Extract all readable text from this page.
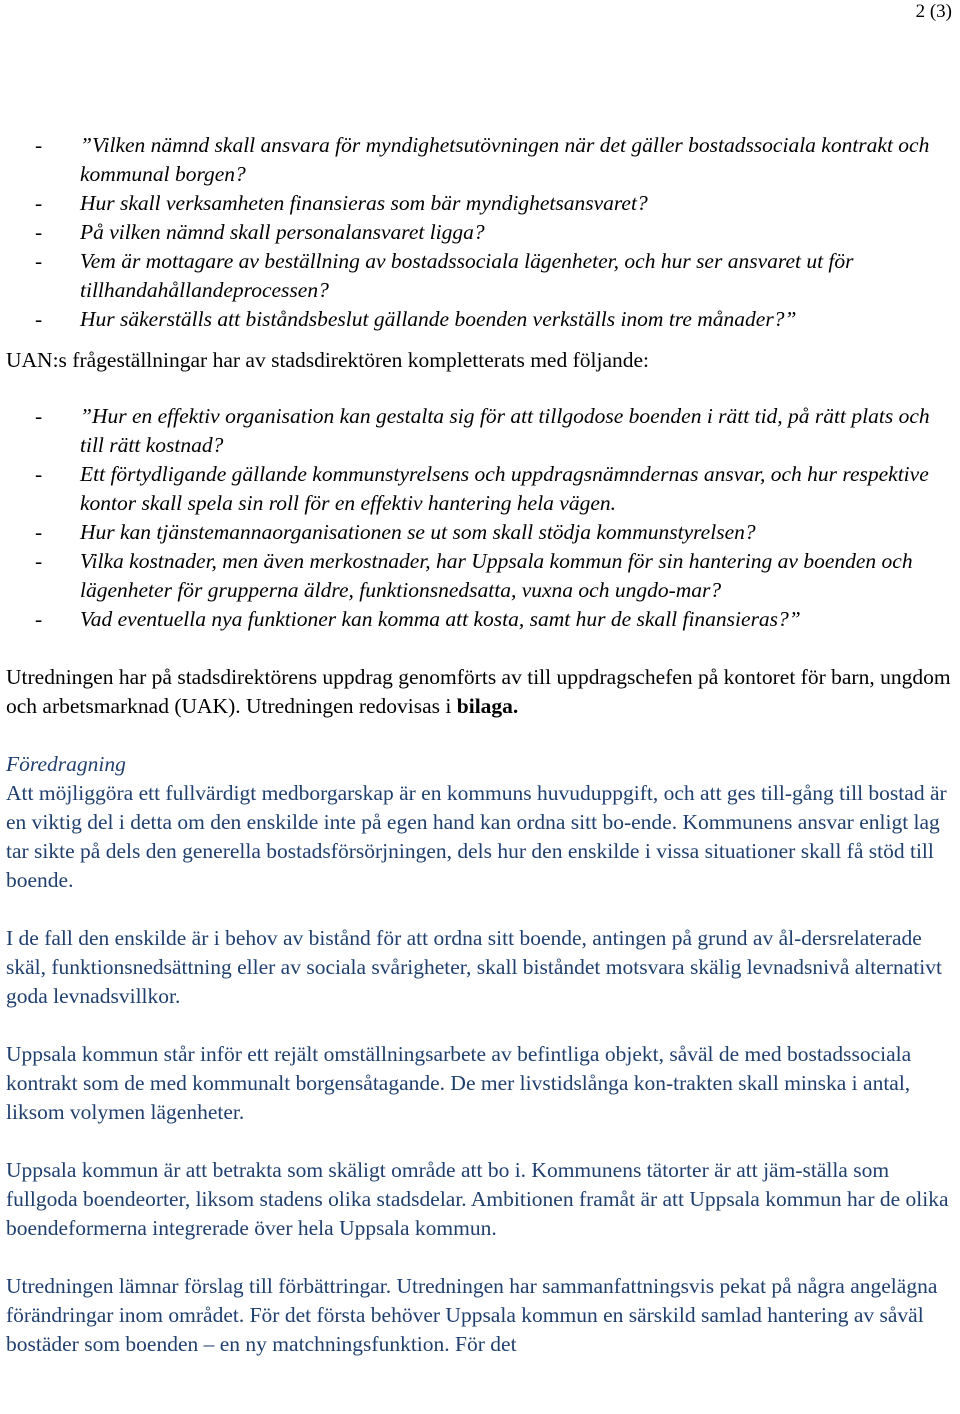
2 (3)
- ”Vilken nämnd skall ansvara för myndighetsutövningen när det gäller bostadssociala kontrakt och kommunal borgen?
- Hur skall verksamheten finansieras som bär myndighetsansvaret?
- På vilken nämnd skall personalansvaret ligga?
- Vem är mottagare av beställning av bostadssociala lägenheter, och hur ser ansvaret ut för tillhandahållandeprocessen?
- Hur säkerställs att biståndsbeslut gällande boenden verkställs inom tre månader?”

UAN:s frågeställningar har av stadsdirektören kompletterats med följande:

- ”Hur en effektiv organisation kan gestalta sig för att tillgodose boenden i rätt tid, på rätt plats och till rätt kostnad?
- Ett förtydligande gällande kommunstyrelsens och uppdragsnämndernas ansvar, och hur respektive kontor skall spela sin roll för en effektiv hantering hela vägen.
- Hur kan tjänstemannaorganisationen se ut som skall stödja kommunstyrelsen?
- Vilka kostnader, men även merkostnader, har Uppsala kommun för sin hantering av boenden och lägenheter för grupperna äldre, funktionsnedsatta, vuxna och ungdo-mar?
- Vad eventuella nya funktioner kan komma att kosta, samt hur de skall finansieras?”

Utredningen har på stadsdirektörens uppdrag genomförts av till uppdragschefen på kontoret för barn, ungdom och arbetsmarknad (UAK). Utredningen redovisas i bilaga.

Föredragning

Att möjliggöra ett fullvärdigt medborgarskap är en kommuns huvuduppgift, och att ges till-gång till bostad är en viktig del i detta om den enskilde inte på egen hand kan ordna sitt bo-ende. Kommunens ansvar enligt lag tar sikte på dels den generella bostadsförsörjningen, dels hur den enskilde i vissa situationer skall få stöd till boende.

I de fall den enskilde är i behov av bistånd för att ordna sitt boende, antingen på grund av ål-dersrelaterade skäl, funktionsnedsättning eller av sociala svårigheter, skall biståndet motsvara skälig levnadsnivå alternativt goda levnadsvillkor.

Uppsala kommun står inför ett rejält omställningsarbete av befintliga objekt, såväl de med bostadssociala kontrakt som de med kommunalt borgensåtagande. De mer livstidslånga kon-trakten skall minska i antal, liksom volymen lägenheter.

Uppsala kommun är att betrakta som skäligt område att bo i. Kommunens tätorter är att jäm-ställa som fullgoda boendeorter, liksom stadens olika stadsdelar. Ambitionen framåt är att Uppsala kommun har de olika boendeformerna integrerade över hela Uppsala kommun.

Utredningen lämnar förslag till förbättringar. Utredningen har sammanfattningsvis pekat på några angelägna förändringar inom området. För det första behöver Uppsala kommun en särskild samlad hantering av såväl bostäder som boenden – en ny matchningsfunktion. För det
